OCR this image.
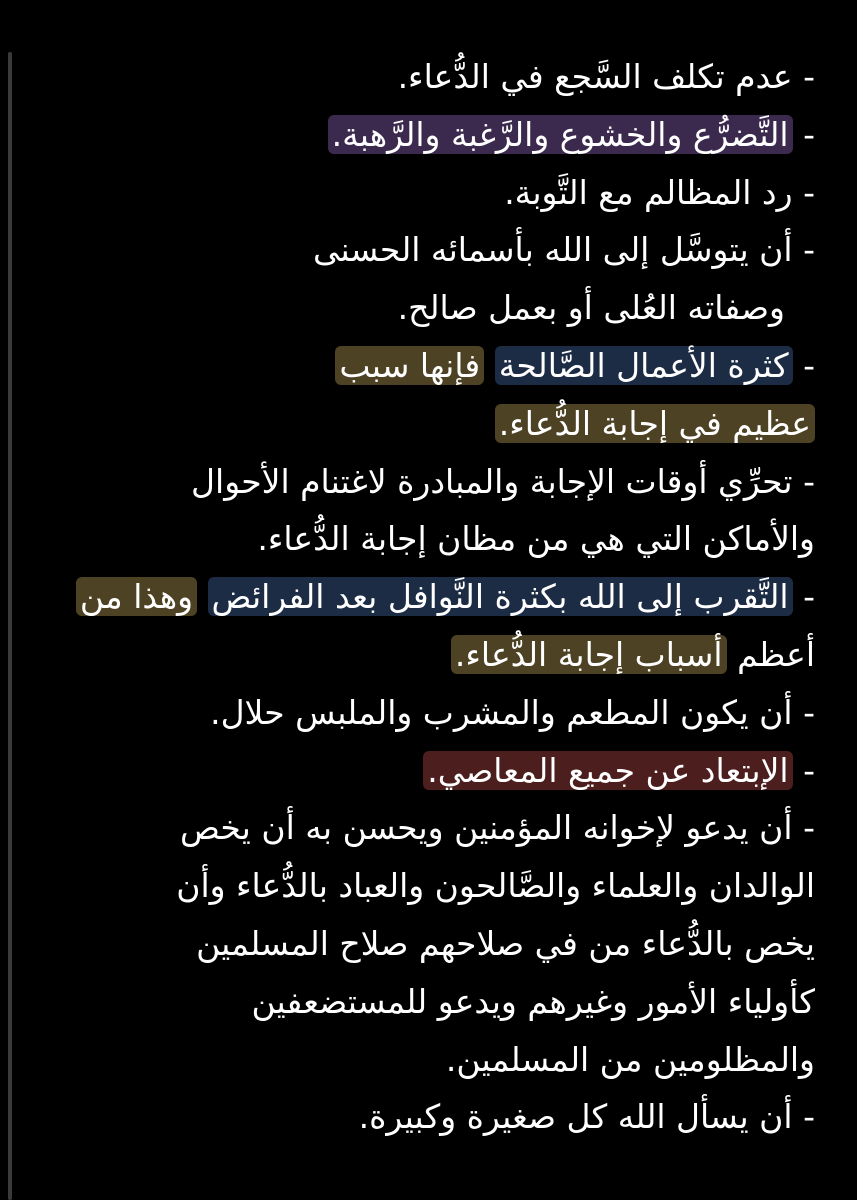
- عدم تكلف السَّجع في الدُّعاء.
- التَّضرُّع والخشوع والرَّغبة والرَّهبة.
- رد المظالم مع التَّوبة.
- أن يتوسَّل إلى الله بأسمائه الحسنى
وصفاته العُلى أو بعمل صالح.
- كثرة الأعمال الصَّالحة فإنها سبب
عظيم في إجابة الدُّعاء.
- تحرِّي أوقات الإجابة والمبادرة لاغتنام الأحوال
والأماكن التي هي من مظان إجابة الدُّعاء.
- التَّقرب إلى الله بكثرة النَّوافل بعد الفرائض وهذا من
أعظم أسباب إجابة الدُّعاء.
- أن يكون المطعم والمشرب والملبس حلال.
- الإبتعاد عن جميع المعاصي.
- أن يدعو لإخوانه المؤمنين ويحسن به أن يخص
الوالدان والعلماء والصَّالحون والعباد بالدُّعاء وأن
يخص بالدُّعاء من في صلاحهم صلاح المسلمين
كأولياء الأمور وغيرهم ويدعو للمستضعفين
والمظلومين من المسلمين.
- أن يسأل الله كل صغيرة وكبيرة.
